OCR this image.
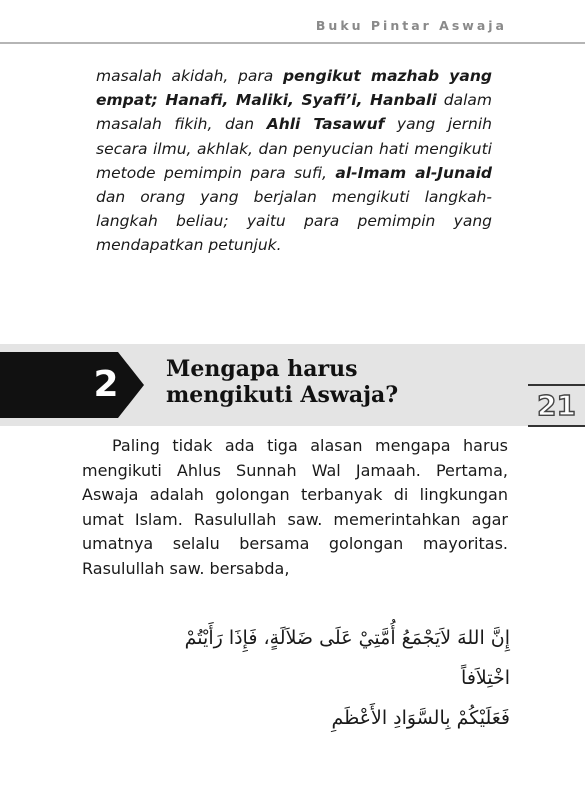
Buku Pintar Aswaja

masalah akidah, para pengikut mazhab yang empat; Hanafi, Maliki, Syafi’i, Hanbali dalam masalah fikih, dan Ahli Tasawuf yang jernih secara ilmu, akhlak, dan penyucian hati mengikuti metode pemimpin para sufi, al-Imam al-Junaid dan orang yang berjalan mengikuti langkah-langkah beliau; yaitu para pemimpin yang mendapatkan petunjuk.

2	Mengapa harus
mengikuti Aswaja?	21

Paling tidak ada tiga alasan mengapa harus mengikuti Ahlus Sunnah Wal Jamaah. Pertama, Aswaja adalah golongan terbanyak di lingkungan umat Islam. Rasulullah saw. memerintahkan agar umatnya selalu bersama golongan mayoritas. Rasulullah saw. bersabda,

إِنَّ اللهَ لاَيَجْمَعُ أُمَّتِيْ عَلَى ضَلاَلَةٍ، فَإِذَا رَأَيْتُمْ اخْتِلاَفاً
فَعَلَيْكُمْ بِالسَّوَادِ الأَعْظَمِ
